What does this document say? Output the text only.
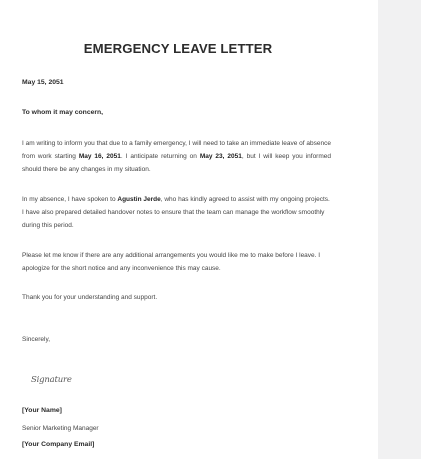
EMERGENCY LEAVE LETTER
May 15, 2051
To whom it may concern,
I am writing to inform you that due to a family emergency, I will need to take an immediate leave of absence from work starting May 16, 2051. I anticipate returning on May 23, 2051, but I will keep you informed should there be any changes in my situation.
In my absence, I have spoken to Agustin Jerde, who has kindly agreed to assist with my ongoing projects. I have also prepared detailed handover notes to ensure that the team can manage the workflow smoothly during this period.
Please let me know if there are any additional arrangements you would like me to make before I leave. I apologize for the short notice and any inconvenience this may cause.
Thank you for your understanding and support.
Sincerely,
Signature
[Your Name]
Senior Marketing Manager
[Your Company Email]
